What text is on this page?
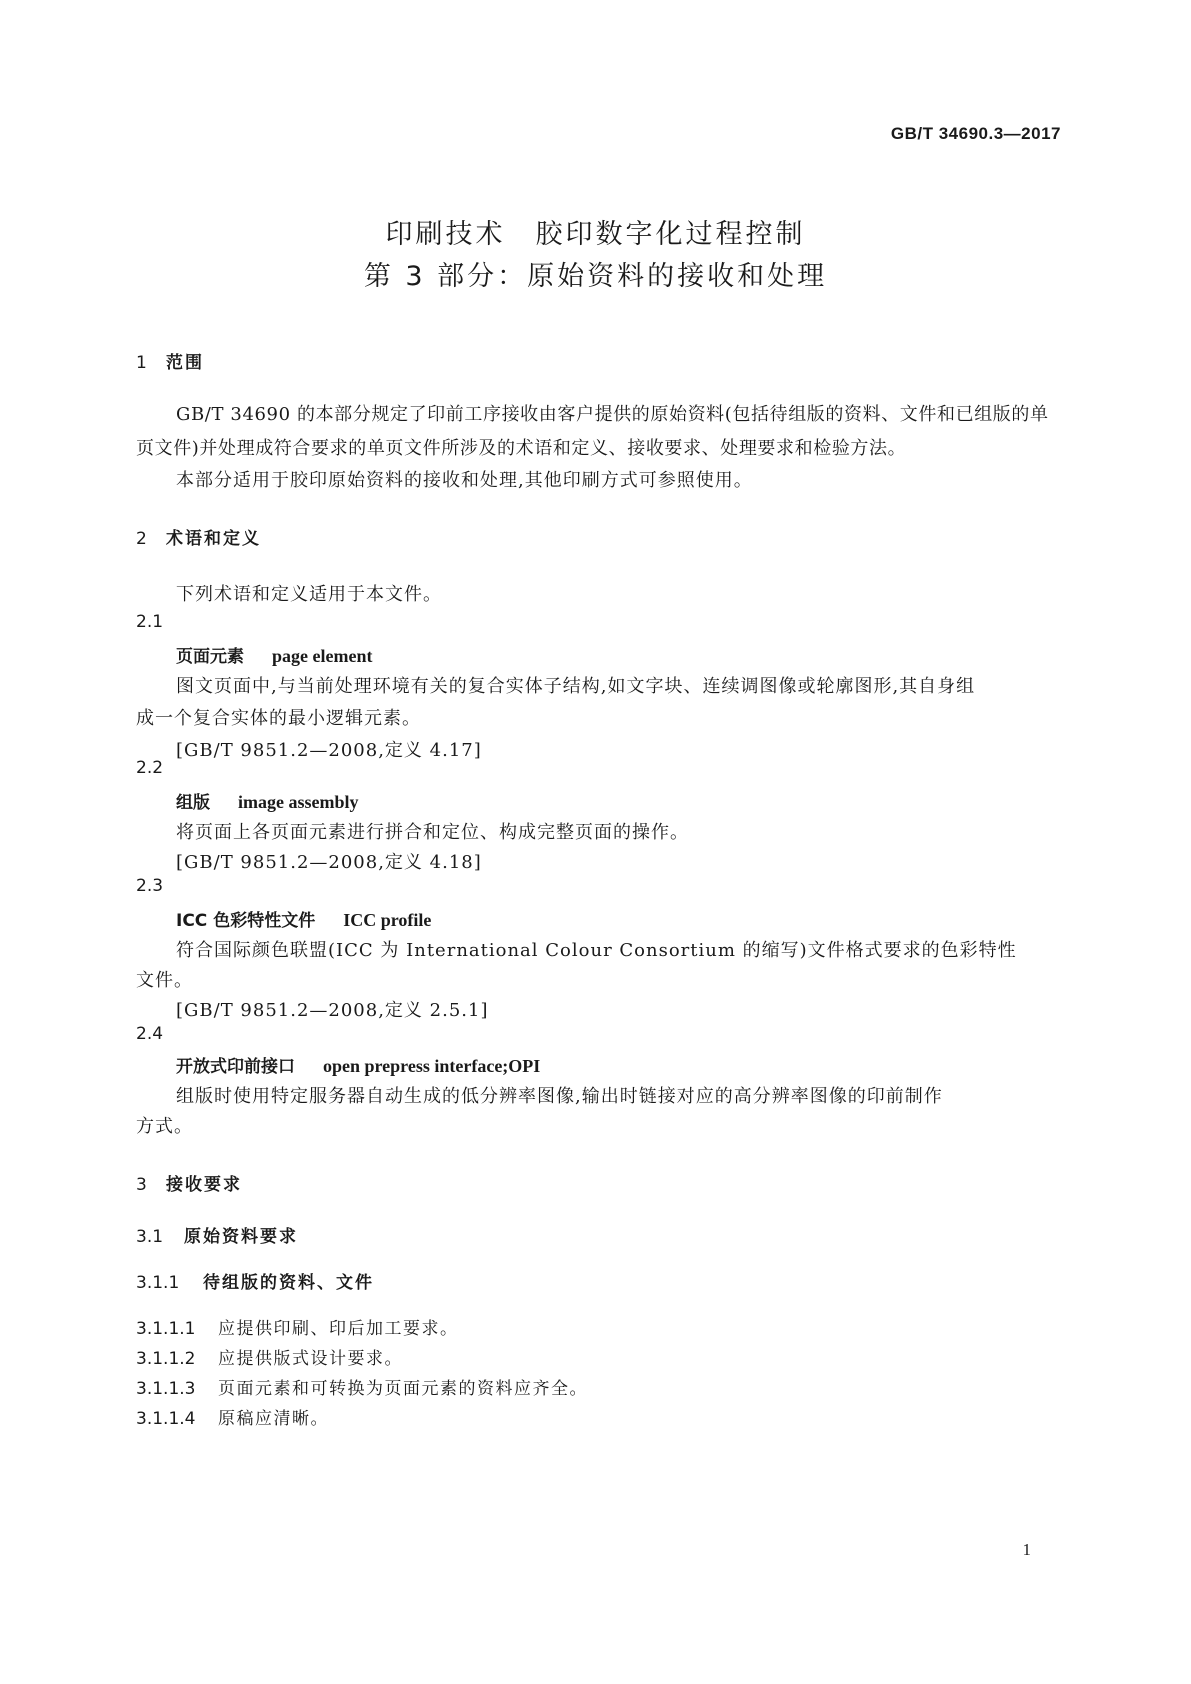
GB/T 34690.3—2017
印刷技术　胶印数字化过程控制
第 3 部分：原始资料的接收和处理
1 范围
GB/T 34690 的本部分规定了印前工序接收由客户提供的原始资料(包括待组版的资料、文件和已组版的单页文件)并处理成符合要求的单页文件所涉及的术语和定义、接收要求、处理要求和检验方法。
本部分适用于胶印原始资料的接收和处理,其他印刷方式可参照使用。
2 术语和定义
下列术语和定义适用于本文件。
2.1
页面元素 page element
图文页面中,与当前处理环境有关的复合实体子结构,如文字块、连续调图像或轮廓图形,其自身组
成一个复合实体的最小逻辑元素。
[GB/T 9851.2—2008,定义 4.17]
2.2
组版 image assembly
将页面上各页面元素进行拼合和定位、构成完整页面的操作。
[GB/T 9851.2—2008,定义 4.18]
2.3
ICC 色彩特性文件 ICC profile
符合国际颜色联盟(ICC 为 International Colour Consortium 的缩写)文件格式要求的色彩特性
文件。
[GB/T 9851.2—2008,定义 2.5.1]
2.4
开放式印前接口 open prepress interface;OPI
组版时使用特定服务器自动生成的低分辨率图像,输出时链接对应的高分辨率图像的印前制作
方式。
3 接收要求
3.1 原始资料要求
3.1.1 待组版的资料、文件
3.1.1.1 应提供印刷、印后加工要求。
3.1.1.2 应提供版式设计要求。
3.1.1.3 页面元素和可转换为页面元素的资料应齐全。
3.1.1.4 原稿应清晰。
1
